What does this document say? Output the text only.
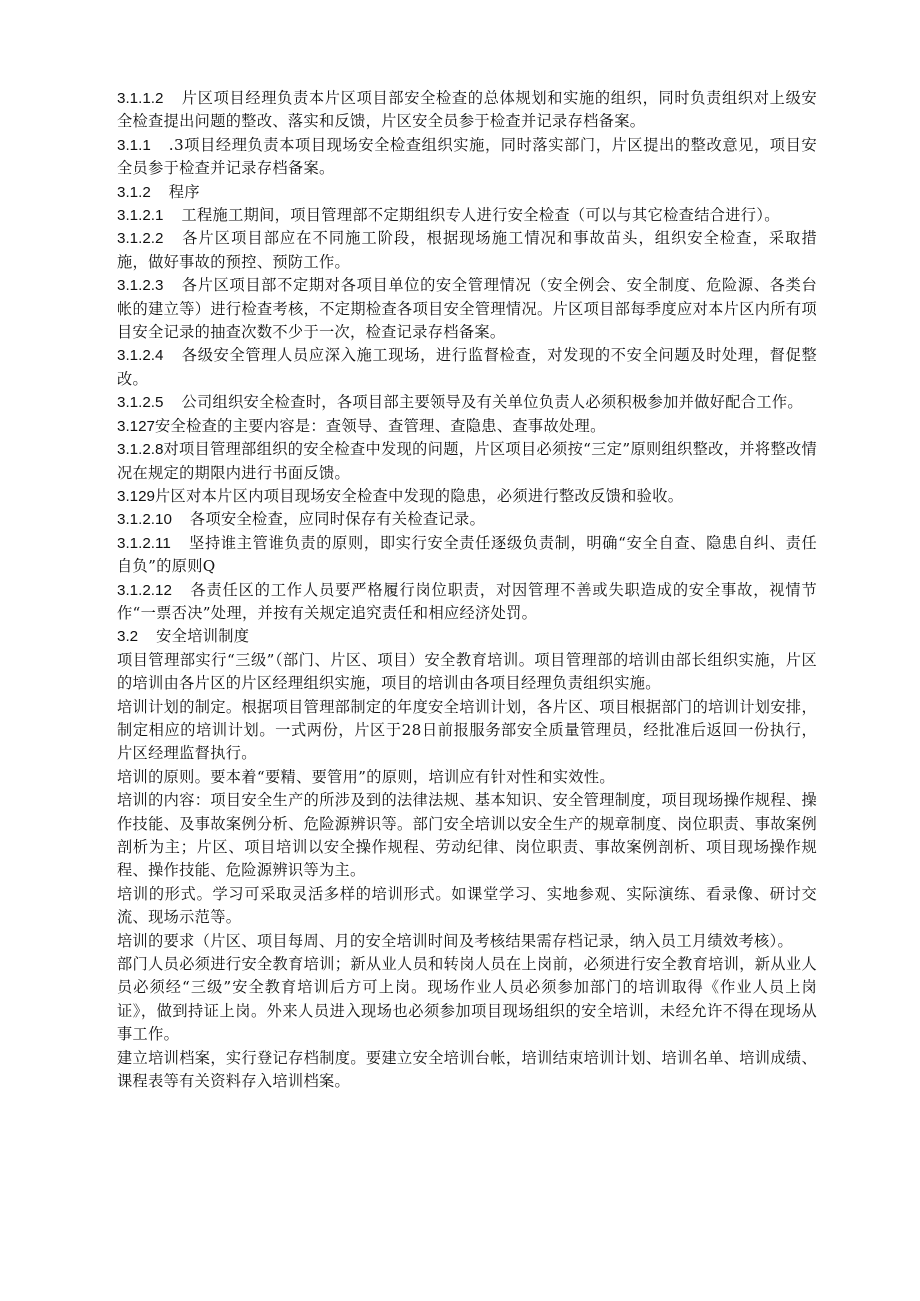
3.1.1.2 片区项目经理负责本片区项目部安全检查的总体规划和实施的组织，同时负责组织对上级安全检查提出问题的整改、落实和反馈，片区安全员参于检查并记录存档备案。

3.1.1 .3项目经理负责本项目现场安全检查组织实施，同时落实部门，片区提出的整改意见，项目安全员参于检查并记录存档备案。

3.1.2 程序

3.1.2.1 工程施工期间，项目管理部不定期组织专人进行安全检查（可以与其它检查结合进行）。

3.1.2.2 各片区项目部应在不同施工阶段，根据现场施工情况和事故苗头，组织安全检查，采取措施，做好事故的预控、预防工作。

3.1.2.3 各片区项目部不定期对各项目单位的安全管理情况（安全例会、安全制度、危险源、各类台帐的建立等）进行检查考核，不定期检查各项目安全管理情况。片区项目部每季度应对本片区内所有项目安全记录的抽查次数不少于一次，检查记录存档备案。

3.1.2.4 各级安全管理人员应深入施工现场，进行监督检查，对发现的不安全问题及时处理，督促整改。

3.1.2.5 公司组织安全检查时，各项目部主要领导及有关单位负责人必须积极参加并做好配合工作。

3.127安全检查的主要内容是：查领导、查管理、查隐患、查事故处理。

3.1.2.8对项目管理部组织的安全检查中发现的问题，片区项目必须按“三定”原则组织整改，并将整改情况在规定的期限内进行书面反馈。

3.129片区对本片区内项目现场安全检查中发现的隐患，必须进行整改反馈和验收。

3.1.2.10 各项安全检查，应同时保存有关检查记录。

3.1.2.11 坚持谁主管谁负责的原则，即实行安全责任逐级负责制，明确“安全自查、隐患自纠、责任自负”的原则Q

3.1.2.12 各责任区的工作人员要严格履行岗位职责，对因管理不善或失职造成的安全事故，视情节作“一票否决”处理，并按有关规定追究责任和相应经济处罚。

3.2 安全培训制度

项目管理部实行“三级”（部门、片区、项目）安全教育培训。项目管理部的培训由部长组织实施，片区的培训由各片区的片区经理组织实施，项目的培训由各项目经理负责组织实施。

培训计划的制定。根据项目管理部制定的年度安全培训计划，各片区、项目根据部门的培训计划安排，制定相应的培训计划。一式两份，片区于28日前报服务部安全质量管理员，经批准后返回一份执行，片区经理监督执行。

培训的原则。要本着“要精、要管用”的原则，培训应有针对性和实效性。

培训的内容：项目安全生产的所涉及到的法律法规、基本知识、安全管理制度，项目现场操作规程、操作技能、及事故案例分析、危险源辨识等。部门安全培训以安全生产的规章制度、岗位职责、事故案例剖析为主；片区、项目培训以安全操作规程、劳动纪律、岗位职责、事故案例剖析、项目现场操作规程、操作技能、危险源辨识等为主。

培训的形式。学习可采取灵活多样的培训形式。如课堂学习、实地参观、实际演练、看录像、研讨交流、现场示范等。

培训的要求（片区、项目每周、月的安全培训时间及考核结果需存档记录，纳入员工月绩效考核）。

部门人员必须进行安全教育培训；新从业人员和转岗人员在上岗前，必须进行安全教育培训，新从业人员必须经“三级”安全教育培训后方可上岗。现场作业人员必须参加部门的培训取得《作业人员上岗证》，做到持证上岗。外来人员进入现场也必须参加项目现场组织的安全培训，未经允许不得在现场从事工作。

建立培训档案，实行登记存档制度。要建立安全培训台帐，培训结束培训计划、培训名单、培训成绩、课程表等有关资料存入培训档案。
